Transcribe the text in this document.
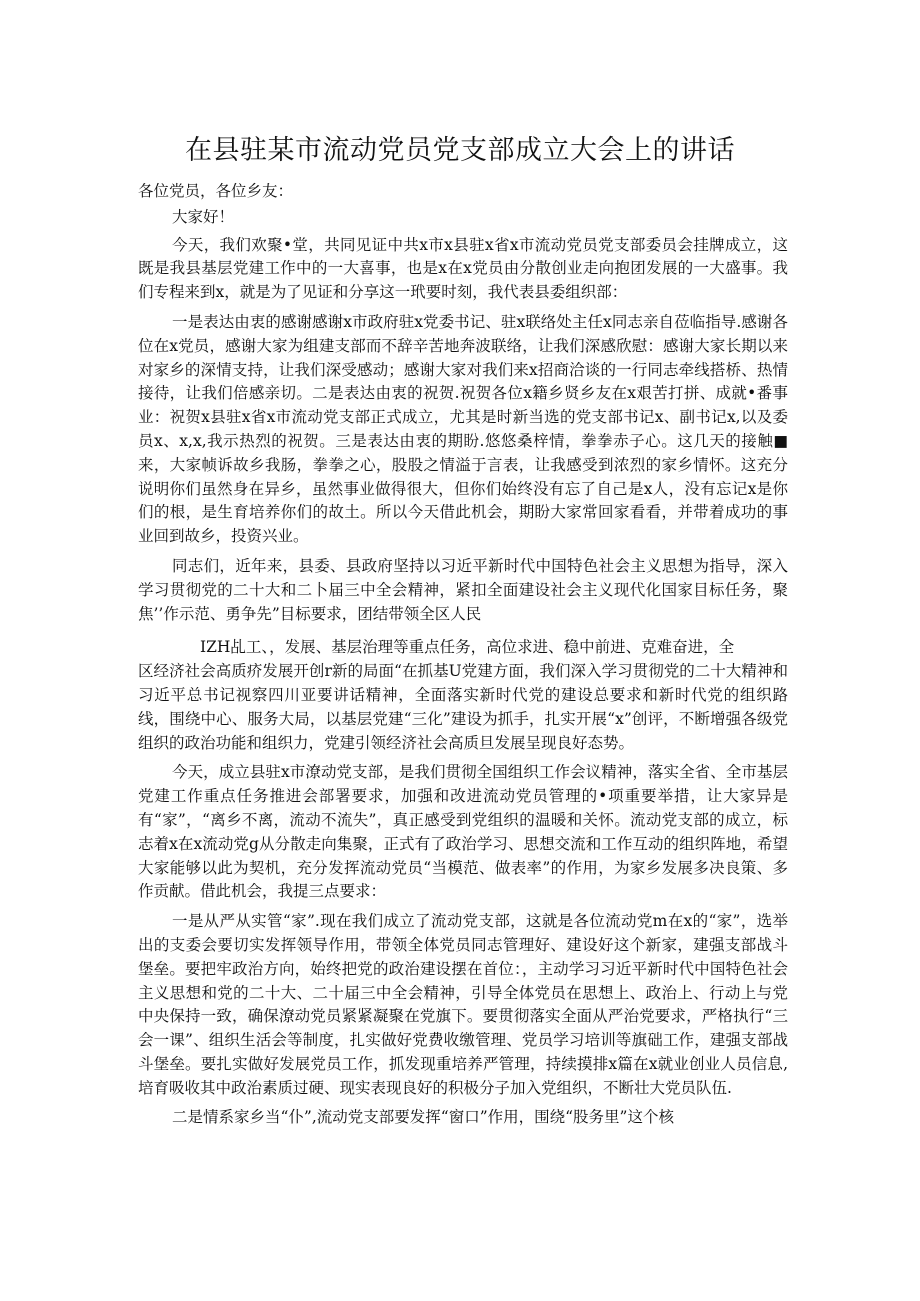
在县驻某市流动党员党支部成立大会上的讲话

各位党员，各位乡友：

大家好！

今天，我们欢聚•堂，共同见证中共x市x县驻x省x市流动党员党支部委员会挂牌成立，这既是我县基层党建工作中的一大喜事，也是x在x党员由分散创业走向抱团发展的一大盛事。我们专程来到x，就是为了见证和分享这一玳要时刻，我代表县委组织部：

一是表达由衷的感谢感谢x市政府驻x党委书记、驻x联络处主任x同志亲自莅临指导.感谢各位在x党员，感谢大家为组建支部而不辞辛苦地奔波联络，让我们深感欣慰：感谢大家长期以来对家乡的深情支持，让我们深受感动；感谢大家对我们来x招商洽谈的一行同志牵线搭桥、热情接待，让我们倍感亲切。二是表达由衷的祝贺.祝贺各位x籍乡贤乡友在x艰苦打拼、成就•番事业：祝贺x县驻x省x市流动党支部正式成立，尤其是时新当选的党支部书记x、副书记x,以及委员x、x,x,我示热烈的祝贺。三是表达由衷的期盼.悠悠桑梓情，拳拳赤子心。这几天的接触■来，大家帧诉故乡我肠，拳拳之心，股股之情溢于言表，让我感受到浓烈的家乡情怀。这充分说明你们虽然身在异乡，虽然事业做得很大，但你们始终没有忘了自己是x人，没有忘记x是你们的根，是生育培养你们的故土。所以今天借此机会，期盼大家常回家看看，并带着成功的事业回到故乡，投资兴业。

同志们，近年来，县委、县政府坚持以习近平新时代中国特色社会主义思想为指导，深入学习贯彻党的二十大和二卜届三中全会精神，紧扣全面建设社会主义现代化国家目标任务，聚焦’’作示范、勇争先”目标要求，团结带领全区人民

IZH乩工、，发展、基层治理等重点任务，高位求进、稳中前进、克难奋进，全

区经济社会高质疥发展开创r新的局面“在抓基U党建方面，我们深入学习贯彻党的二十大精神和习近平总书记视察四川亚要讲话精神，全面落实新时代党的建设总要求和新时代党的组织路线，围绕中心、服务大局，以基层党建“三化”建设为抓手，扎实开展“x”创评，不断增强各级党组织的政治功能和组织力，党建引领经济社会高质旦发展呈现良好态势。

今天，成立县驻x市潦动党支部，是我们贯彻全国组织工作会议精神，落实全省、全市基层党建工作重点任务推进会部署要求，加强和改进流动党员管理的•项重要举措，让大家异是有“家”，“离乡不离，流动不流失”，真正感受到党组织的温暖和关怀。流动党支部的成立，标志着x在x流动党g从分散走向集聚，正式有了政治学习、思想交流和工作互动的组织阵地，希望大家能够以此为契机，充分发挥流动党员“当模范、做表率”的作用，为家乡发展多决良策、多作贡献。借此机会，我提三点要求：

一是从严从实管“家”.现在我们成立了流动党支部，这就是各位流动党m在x的“家”，选举出的支委会要切实发挥领导作用，带领全体党员同志管理好、建设好这个新家，建强支部战斗堡垒。要把牢政治方向，始终把党的政治建设摆在首位：，主动学习习近平新时代中国特色社会主义思想和党的二十大、二十届三中全会精神，引导全体党员在思想上、政治上、行动上与党中央保持一致，确保潦动党员紧紧凝聚在党旗下。要贯彻落实全面从严治党要求，严格执行“三会一课”、组织生活会等制度，扎实做好党费收缴管理、党员学习培训等旗础工作，建强支部战斗堡垒。要扎实做好发展党员工作，抓发现重培养严管理，持续摸排x篇在x就业创业人员信息,培育吸收其中政治素质过硬、现实表现良好的积极分子加入党组织，不断壮大党员队伍.

二是情系家乡当“仆”,流动党支部要发挥“窗口”作用，围绕“股务里”这个核
